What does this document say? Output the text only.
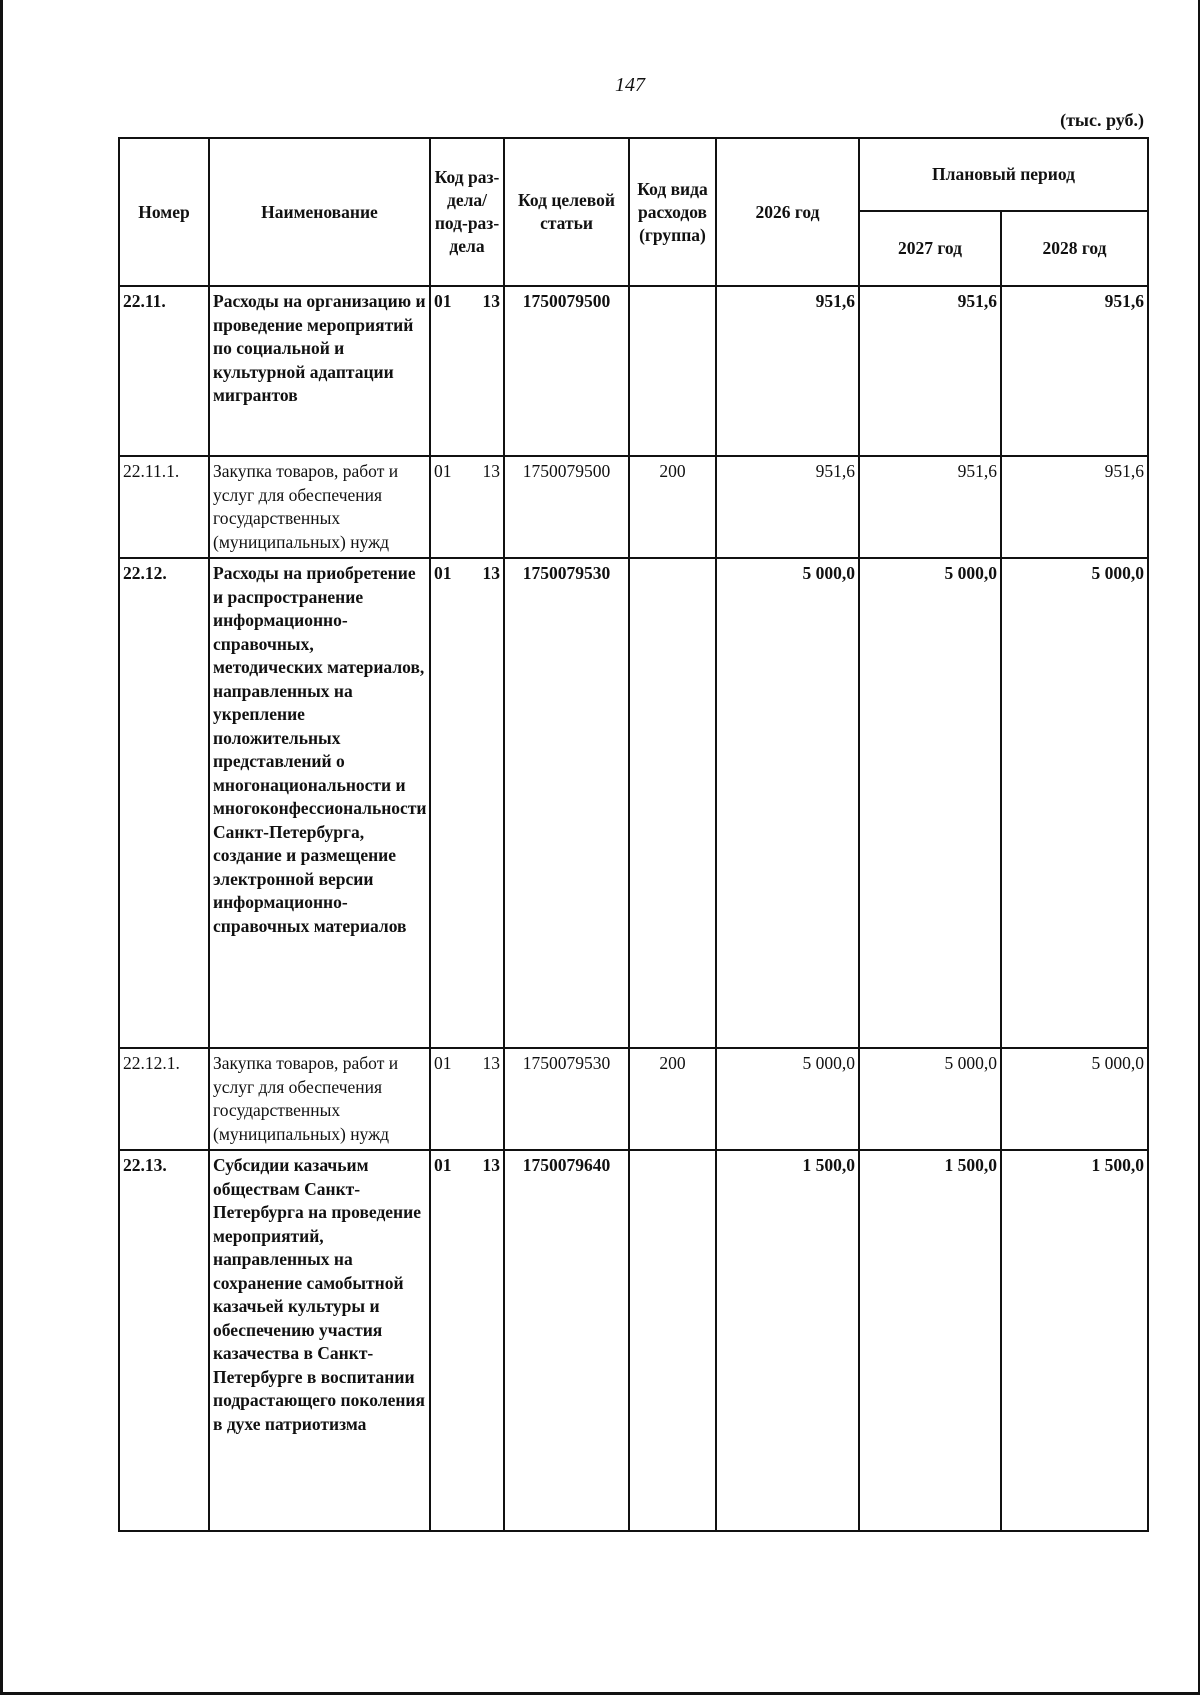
147
(тыс. руб.)
Номер	Наименование	Код раз-дела/ под-раз-дела	Код целевой статьи	Код вида расходов (группа)	2026 год	Плановый период	
						2027 год	2028 год
22.11.	Расходы на организацию и проведение мероприятий по социальной и культурной адаптации мигрантов	01 13	1750079500		951,6	951,6	951,6
22.11.1.	Закупка товаров, работ и услуг для обеспечения государственных (муниципальных) нужд	01 13	1750079500	200	951,6	951,6	951,6
22.12.	Расходы на приобретение и распространение информационно-справочных, методических материалов, направленных на укрепление положительных представлений о многонациональности и многоконфессиональности Санкт-Петербурга, создание и размещение электронной версии информационно-справочных материалов	01 13	1750079530		5 000,0	5 000,0	5 000,0
22.12.1.	Закупка товаров, работ и услуг для обеспечения государственных (муниципальных) нужд	01 13	1750079530	200	5 000,0	5 000,0	5 000,0
22.13.	Субсидии казачьим обществам Санкт-Петербурга на проведение мероприятий, направленных на сохранение самобытной казачьей культуры и обеспечению участия казачества в Санкт-Петербурге в воспитании подрастающего поколения в духе патриотизма	01 13	1750079640		1 500,0	1 500,0	1 500,0
